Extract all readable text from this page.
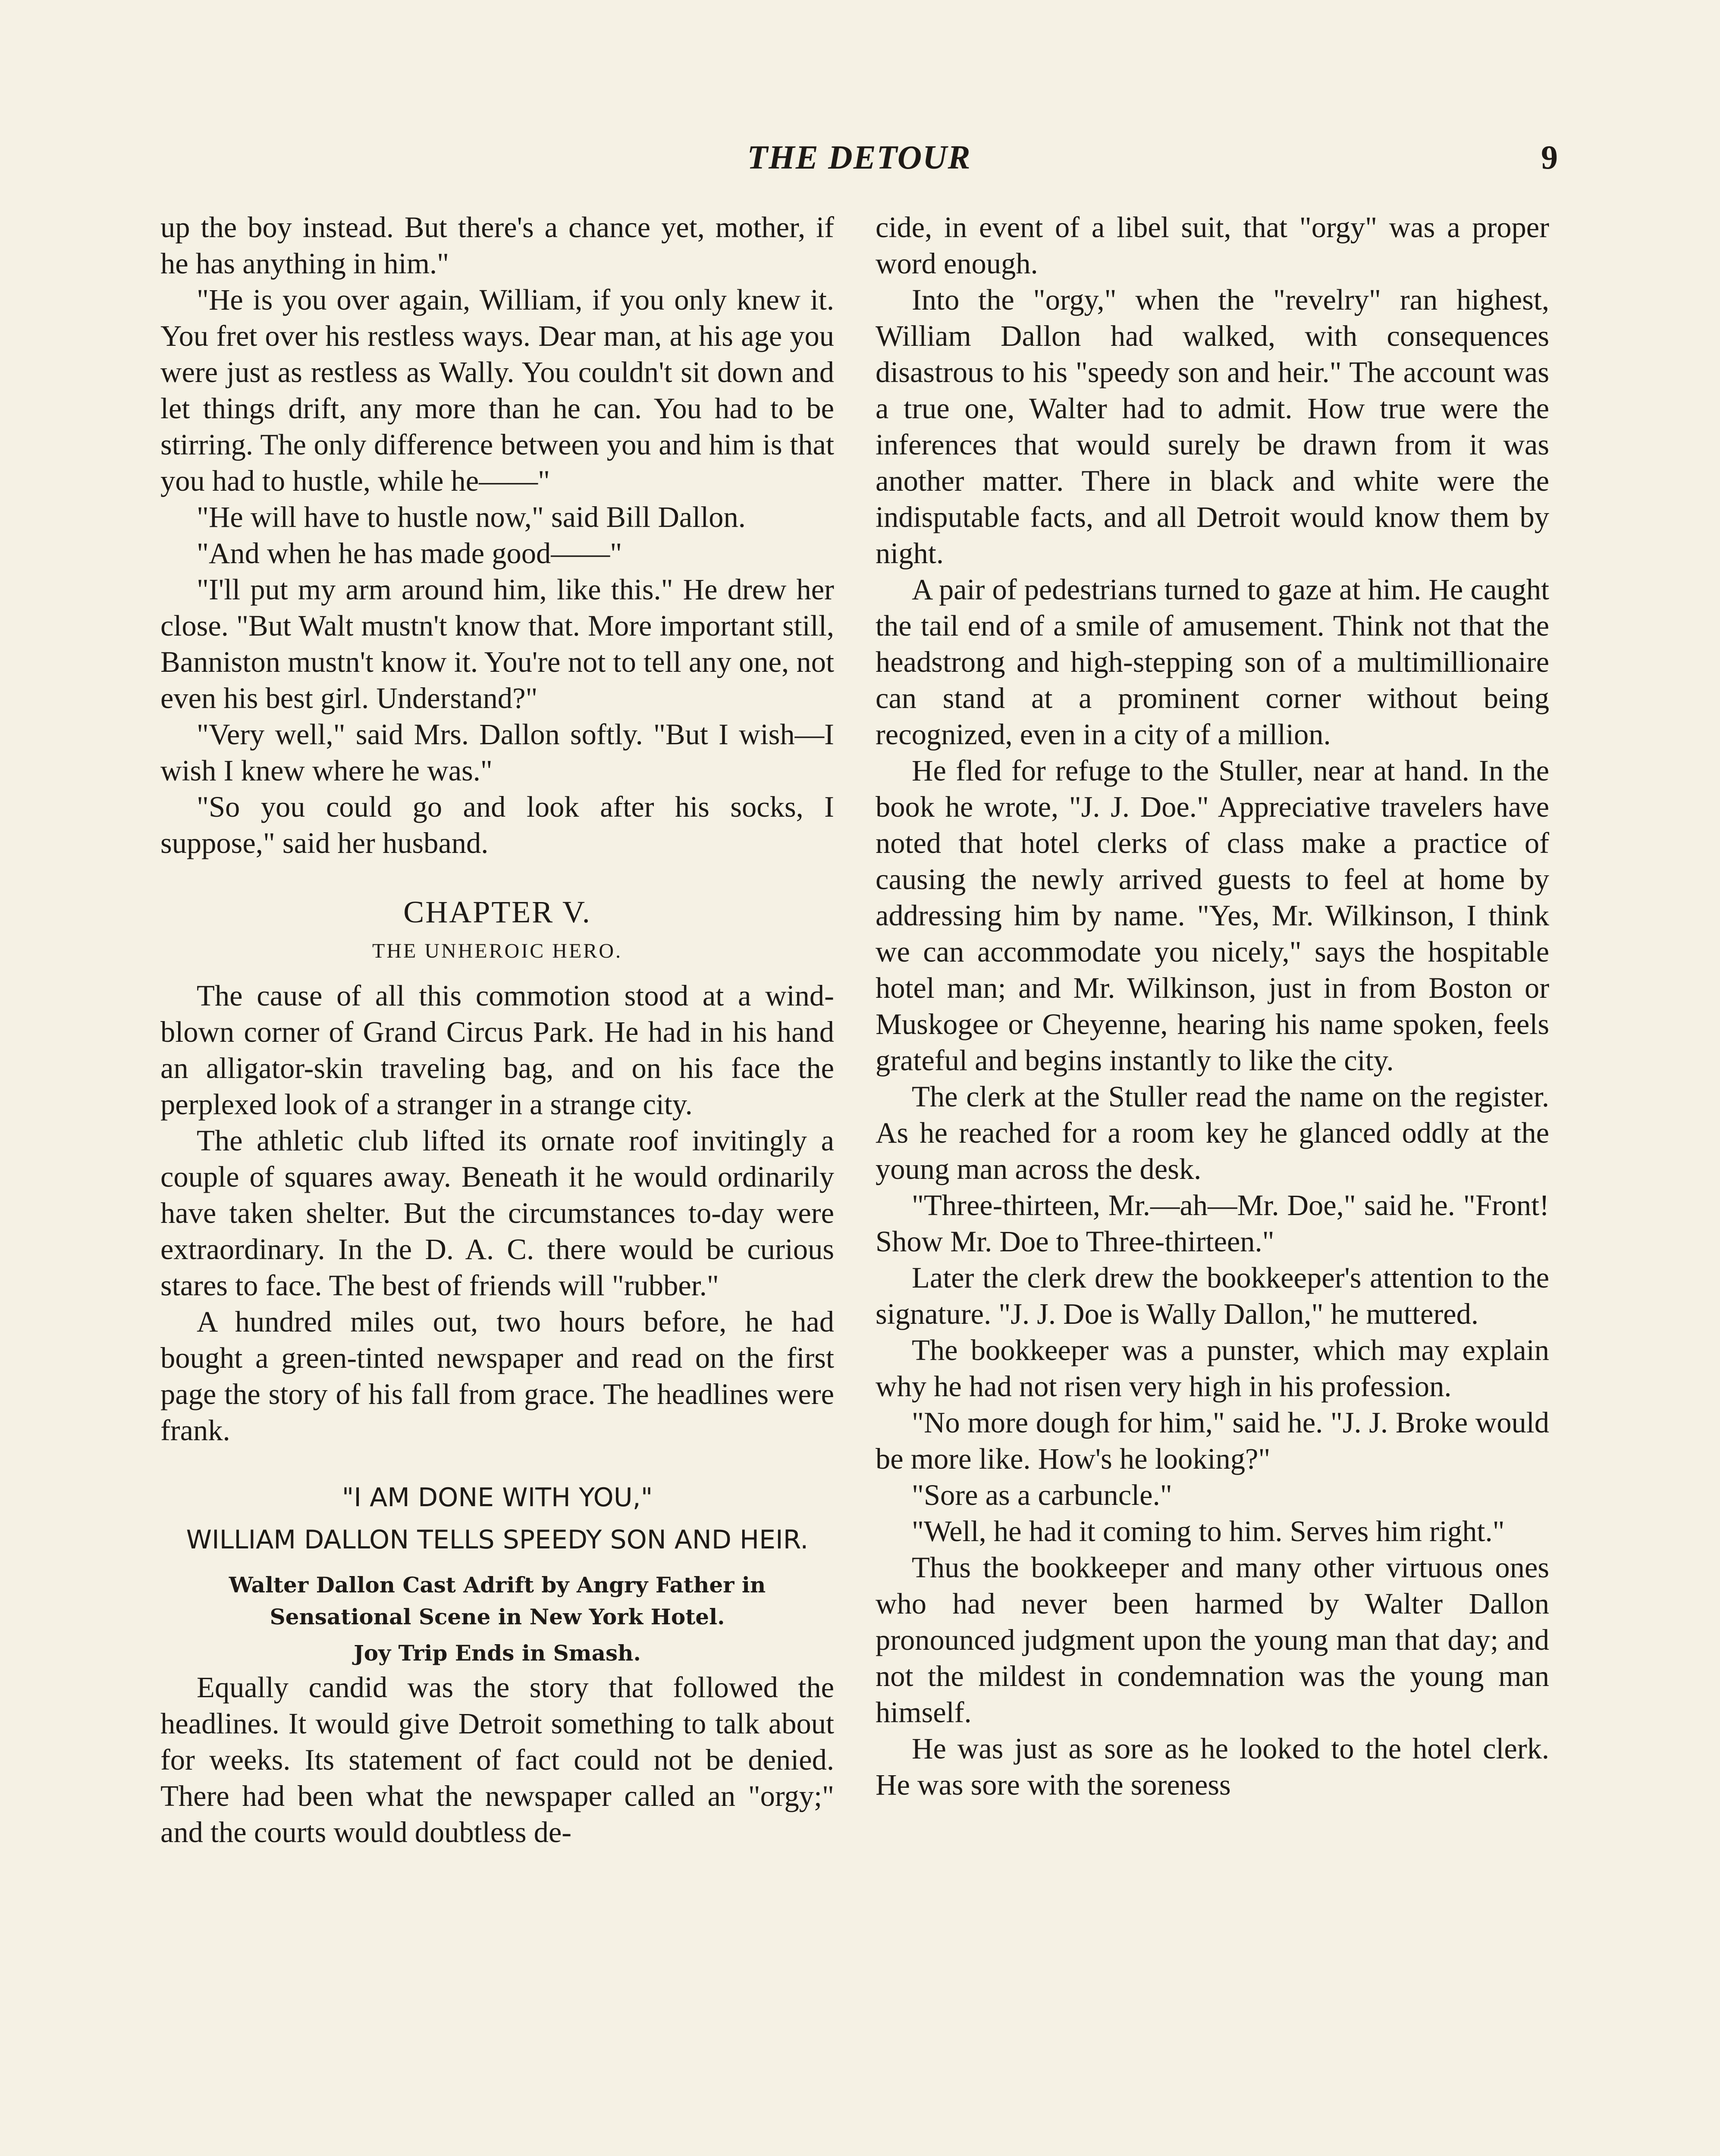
THE DETOUR	9

up the boy instead. But there's a chance yet, mother, if he has anything in him."

"He is you over again, William, if you only knew it. You fret over his restless ways. Dear man, at his age you were just as restless as Wally. You couldn't sit down and let things drift, any more than he can. You had to be stirring. The only difference between you and him is that you had to hustle, while he——"

"He will have to hustle now," said Bill Dallon.

"And when he has made good——"

"I'll put my arm around him, like this." He drew her close. "But Walt mustn't know that. More important still, Banniston mustn't know it. You're not to tell any one, not even his best girl. Understand?"

"Very well," said Mrs. Dallon softly. "But I wish—I wish I knew where he was."

"So you could go and look after his socks, I suppose," said her husband.

CHAPTER V.
THE UNHEROIC HERO.

The cause of all this commotion stood at a wind-blown corner of Grand Circus Park. He had in his hand an alligator-skin traveling bag, and on his face the perplexed look of a stranger in a strange city.

The athletic club lifted its ornate roof invitingly a couple of squares away. Beneath it he would ordinarily have taken shelter. But the circumstances to-day were extraordinary. In the D. A. C. there would be curious stares to face. The best of friends will "rubber."

A hundred miles out, two hours before, he had bought a green-tinted newspaper and read on the first page the story of his fall from grace. The headlines were frank.

"I AM DONE WITH YOU,"
WILLIAM DALLON TELLS SPEEDY SON AND HEIR.
Walter Dallon Cast Adrift by Angry Father in Sensational Scene in New York Hotel.
Joy Trip Ends in Smash.

Equally candid was the story that followed the headlines. It would give Detroit something to talk about for weeks. Its statement of fact could not be denied. There had been what the newspaper called an "orgy;" and the courts would doubtless de-

cide, in event of a libel suit, that "orgy" was a proper word enough.

Into the "orgy," when the "revelry" ran highest, William Dallon had walked, with consequences disastrous to his "speedy son and heir." The account was a true one, Walter had to admit. How true were the inferences that would surely be drawn from it was another matter. There in black and white were the indisputable facts, and all Detroit would know them by night.

A pair of pedestrians turned to gaze at him. He caught the tail end of a smile of amusement. Think not that the headstrong and high-stepping son of a multimillionaire can stand at a prominent corner without being recognized, even in a city of a million.

He fled for refuge to the Stuller, near at hand. In the book he wrote, "J. J. Doe." Appreciative travelers have noted that hotel clerks of class make a practice of causing the newly arrived guests to feel at home by addressing him by name. "Yes, Mr. Wilkinson, I think we can accommodate you nicely," says the hospitable hotel man; and Mr. Wilkinson, just in from Boston or Muskogee or Cheyenne, hearing his name spoken, feels grateful and begins instantly to like the city.

The clerk at the Stuller read the name on the register. As he reached for a room key he glanced oddly at the young man across the desk.

"Three-thirteen, Mr.—ah—Mr. Doe," said he. "Front! Show Mr. Doe to Three-thirteen."

Later the clerk drew the bookkeeper's attention to the signature. "J. J. Doe is Wally Dallon," he muttered.

The bookkeeper was a punster, which may explain why he had not risen very high in his profession.

"No more dough for him," said he. "J. J. Broke would be more like. How's he looking?"

"Sore as a carbuncle."

"Well, he had it coming to him. Serves him right."

Thus the bookkeeper and many other virtuous ones who had never been harmed by Walter Dallon pronounced judgment upon the young man that day; and not the mildest in condemnation was the young man himself.

He was just as sore as he looked to the hotel clerk. He was sore with the soreness
